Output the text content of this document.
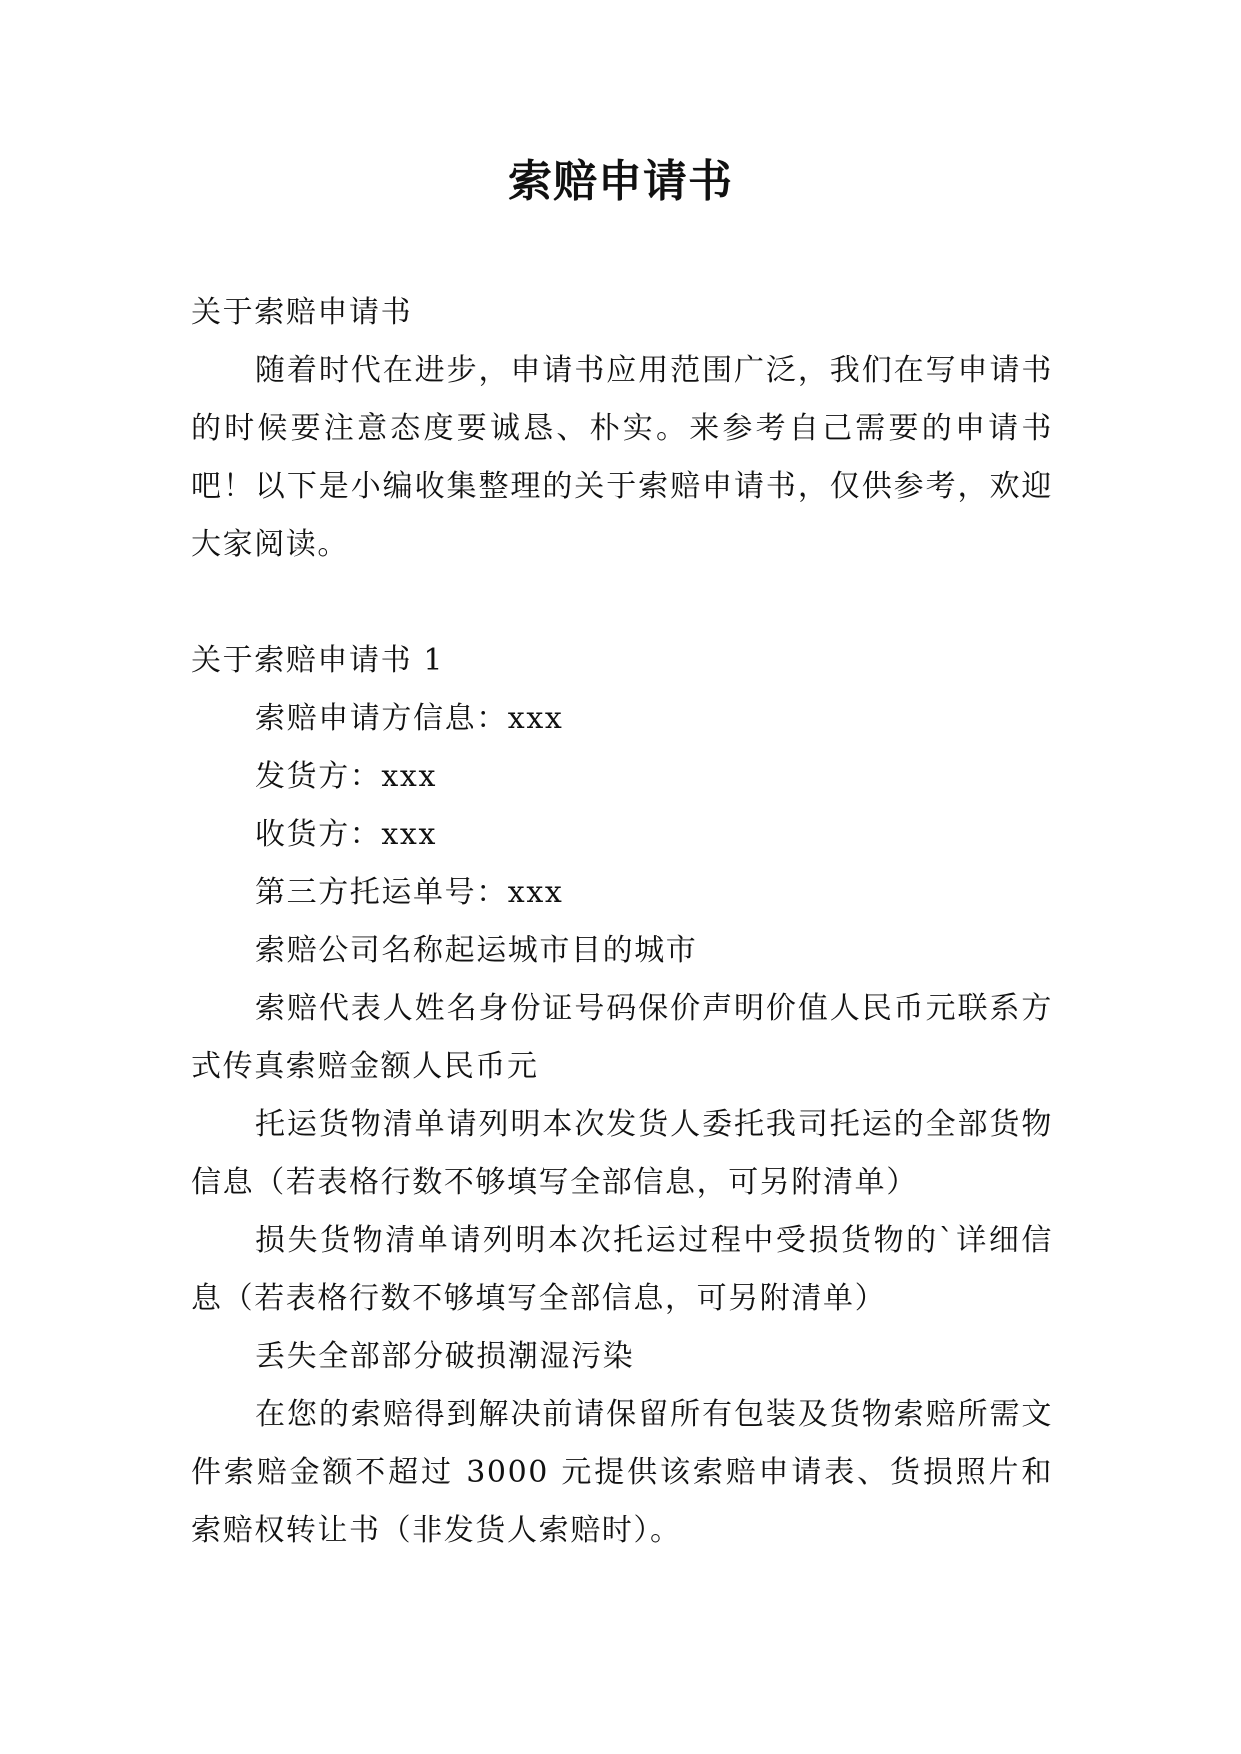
索赔申请书

关于索赔申请书

随着时代在进步，申请书应用范围广泛，我们在写申请书的时候要注意态度要诚恳、朴实。来参考自己需要的申请书吧！以下是小编收集整理的关于索赔申请书，仅供参考，欢迎大家阅读。

关于索赔申请书 1

索赔申请方信息：xxx

发货方：xxx

收货方：xxx

第三方托运单号：xxx

索赔公司名称起运城市目的城市

索赔代表人姓名身份证号码保价声明价值人民币元联系方式传真索赔金额人民币元

托运货物清单请列明本次发货人委托我司托运的全部货物信息（若表格行数不够填写全部信息，可另附清单）

损失货物清单请列明本次托运过程中受损货物的`详细信息（若表格行数不够填写全部信息，可另附清单）

丢失全部部分破损潮湿污染

在您的索赔得到解决前请保留所有包装及货物索赔所需文件索赔金额不超过 3000 元提供该索赔申请表、货损照片和索赔权转让书（非发货人索赔时）。
